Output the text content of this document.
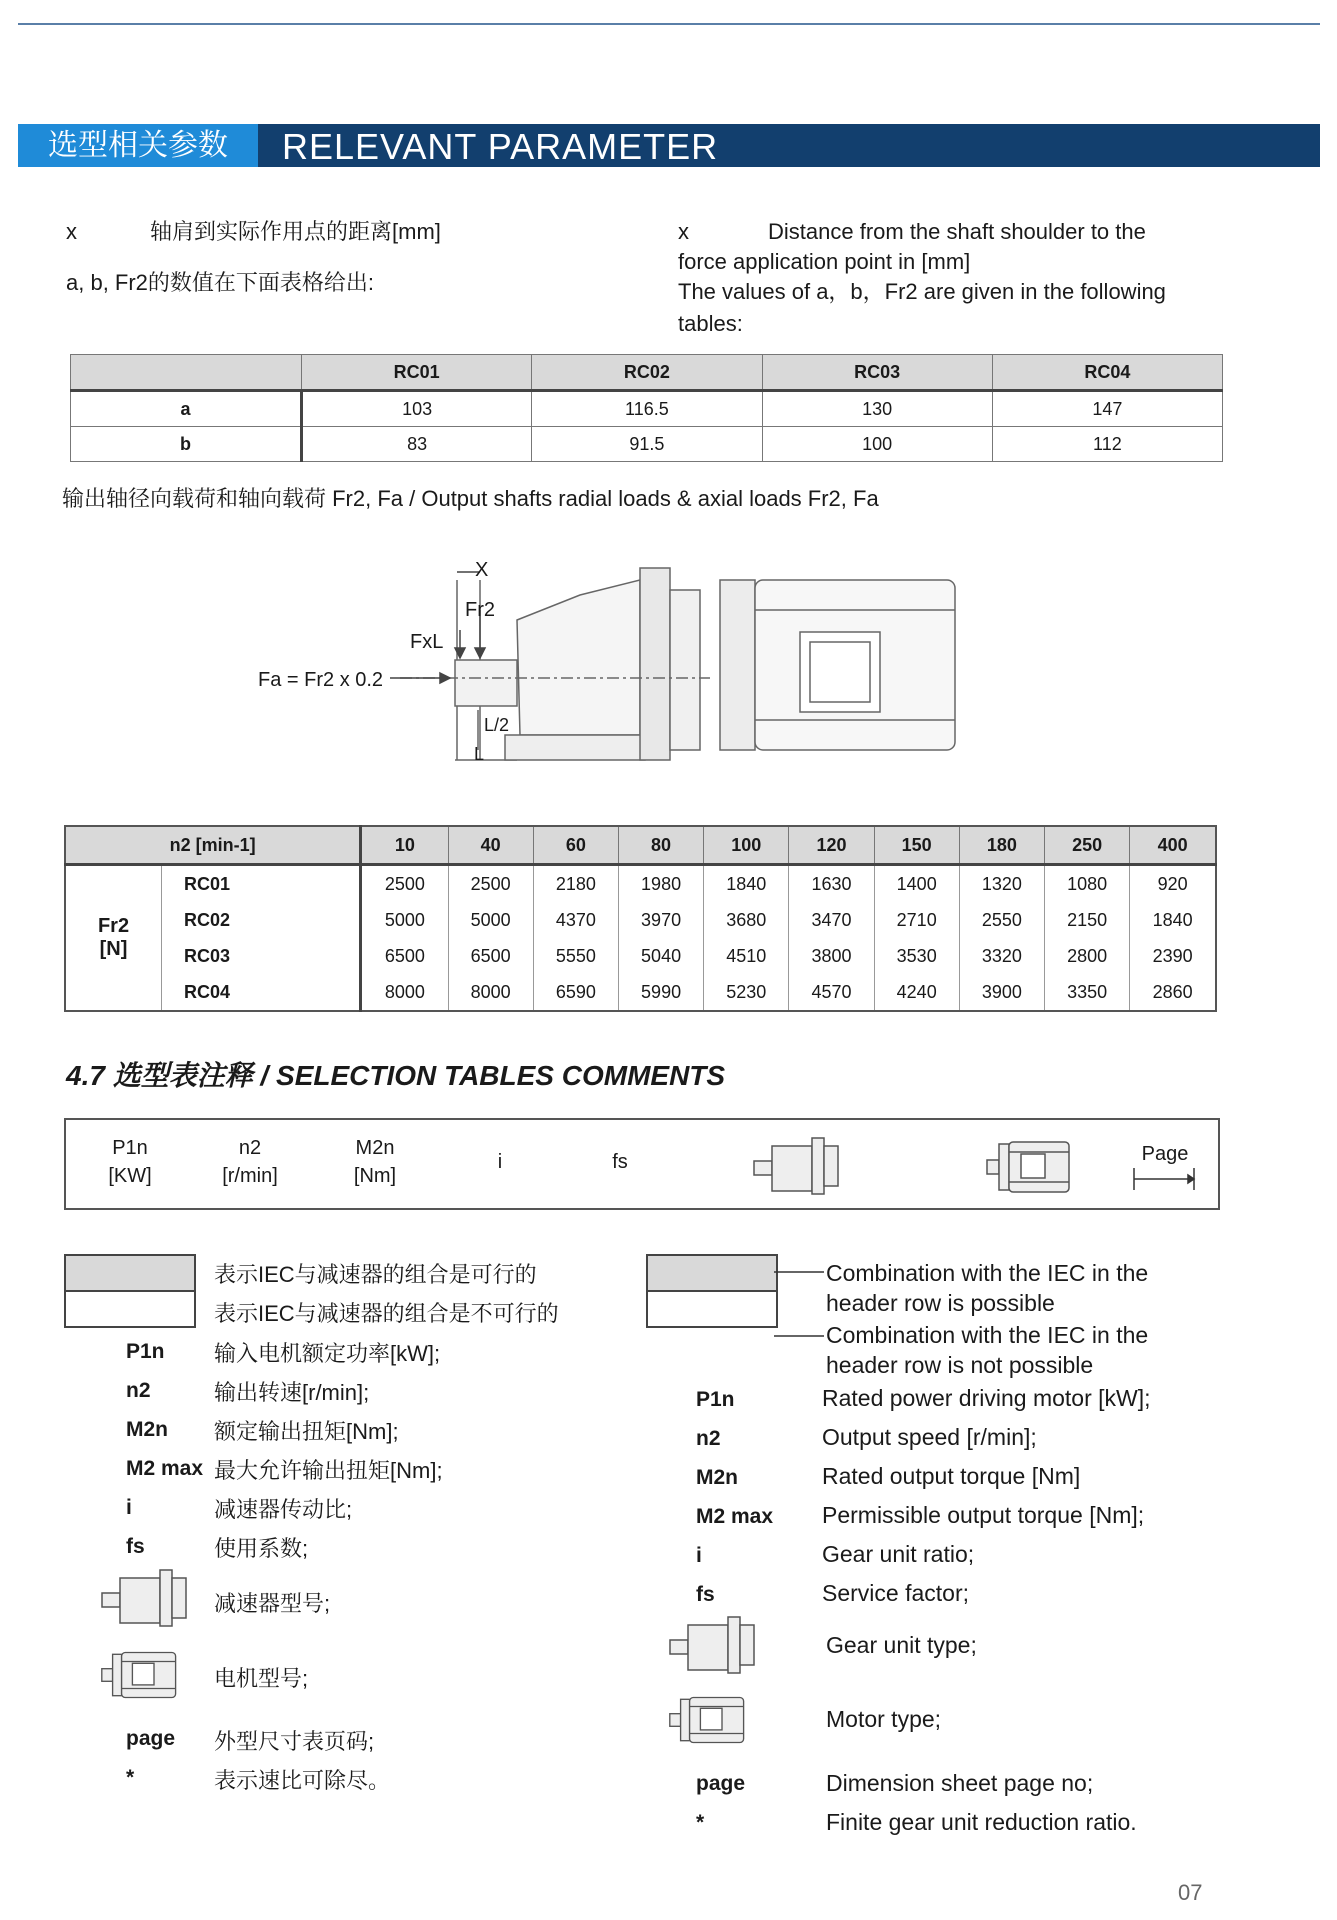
选型相关参数	RELEVANT PARAMETER
x	轴肩到实际作用点的距离[mm]
a, b, Fr2的数值在下面表格给出:
x	Distance from the shaft shoulder to the
force application point in [mm]
The values of a，b，Fr2 are given in the following
tables:
	RC01	RC02	RC03	RC04
a	103	116.5	130	147
b	83	91.5	100	112
输出轴径向载荷和轴向载荷 Fr2, Fa / Output shafts radial loads & axial loads Fr2, Fa
X
Fr2
FxL
Fa = Fr2 x 0.2
L/2
L
n2 [min-1]		10	40	60	80	100	120	150	180	250	400

Fr2
[N]	RC01	2500	2500	2180	1980	1840	1630	1400	1320	1080	920
	RC02	5000	5000	4370	3970	3680	3470	2710	2550	2150	1840
	RC03	6500	6500	5550	5040	4510	3800	3530	3320	2800	2390
	RC04	8000	8000	6590	5990	5230	4570	4240	3900	3350	2860
4.7 选型表注释 / SELECTION TABLES COMMENTS
P1n
[KW]
n2
[r/min]
M2n
[Nm]
i	fs	Page
表示IEC与减速器的组合是可行的
表示IEC与减速器的组合是不可行的
P1n 输入电机额定功率[kW];
n2	输出转速[r/min];
M2n 额定输出扭矩[Nm];
M2 max 最大允许输出扭矩[Nm];
i	减速器传动比;
fs	使用系数;
减速器型号;
电机型号;
page 外型尺寸表页码;
*	表示速比可除尽。
Combination with the IEC in the
header row is possible
Combination with the IEC in the
header row is not possible
P1n	Rated power driving motor [kW];
n2	Output speed [r/min];
M2n	Rated output torque [Nm]
M2 max Permissible output torque [Nm];
i	Gear unit ratio;
fs	Service factor;
Gear unit type;
Motor type;
page	Dimension sheet page no;
*	Finite gear unit reduction ratio.
07
